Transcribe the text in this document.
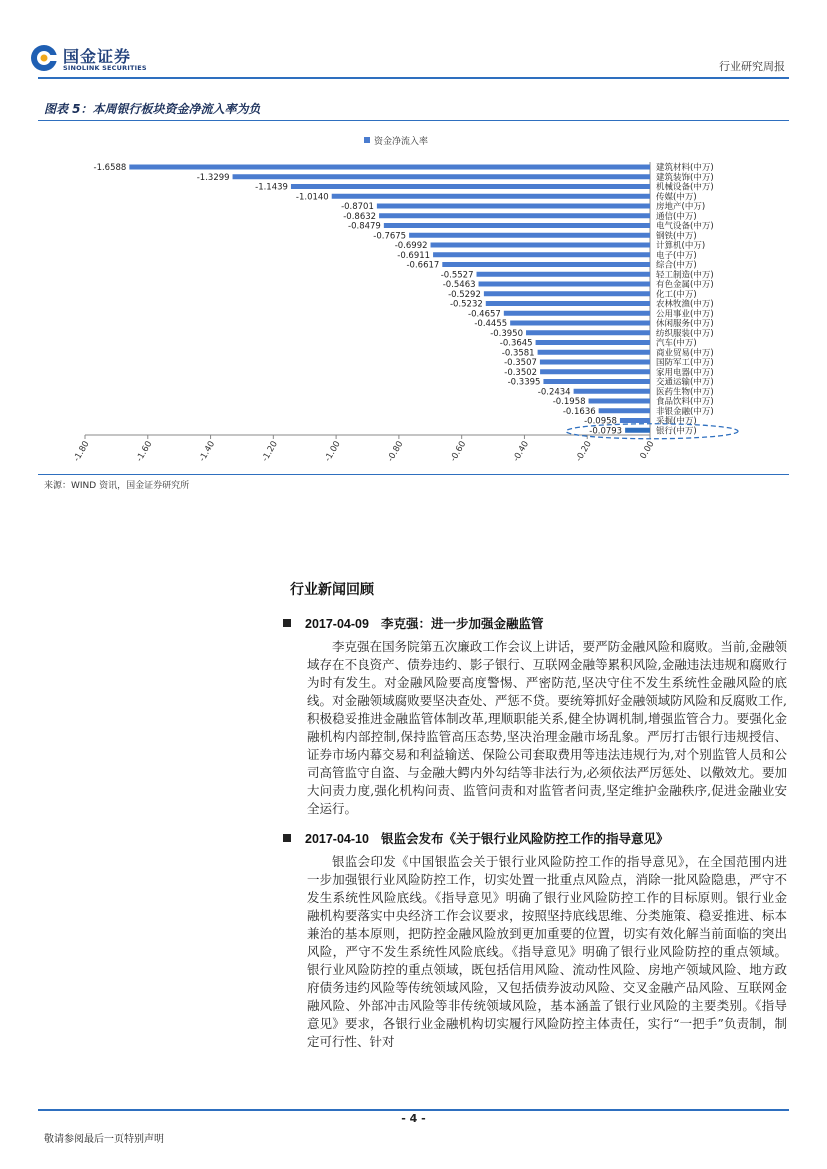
国金证券
SINOLINK SECURITIES	行业研究周报
图表 5：本周银行板块资金净流入率为负
资金净流入率
-1.80	-1.60	-1.40	-1.20	-1.00	-0.80	-0.60	-0.40	-0.20	0.00
-1.6588	建筑材料(中万)
-1.3299	建筑装饰(中万)
-1.1439	机械设备(中万)
-1.0140	传媒(中万)
-0.8701	房地产(中万)
-0.8632	通信(中万)
-0.8479	电气设备(中万)
-0.7675	钢铁(中万)
-0.6992	计算机(中万)
-0.6911	电子(中万)
-0.6617	综合(中万)
-0.5527	轻工制造(中万)
-0.5463	有色金属(中万)
-0.5292	化工(中万)
-0.5232	农林牧渔(中万)
-0.4657	公用事业(中万)
-0.4455	休闲服务(中万)
-0.3950	纺织服装(中万)
-0.3645	汽车(中万)
-0.3581	商业贸易(中万)
-0.3507	国防军工(中万)
-0.3502	家用电器(中万)
-0.3395	交通运输(中万)
-0.2434	医药生物(中万)
-0.1958	食品饮料(中万)
-0.1636	非银金融(中万)
-0.0958	采掘(中万)
-0.0793	银行(中万)
来源：WIND 资讯，国金证券研究所
行业新闻回顾
2017-04-09 李克强：进一步加强金融监管
李克强在国务院第五次廉政工作会议上讲话，要严防金融风险和腐败。当前,金融领域存在不良资产、债券违约、影子银行、互联网金融等累积风险,金融违法违规和腐败行为时有发生。对金融风险要高度警惕、严密防范,坚决守住不发生系统性金融风险的底线。对金融领域腐败要坚决查处、严惩不贷。要统筹抓好金融领域防风险和反腐败工作,积极稳妥推进金融监管体制改革,理顺职能关系,健全协调机制,增强监管合力。要强化金融机构内部控制,保持监管高压态势,坚决治理金融市场乱象。严厉打击银行违规授信、证券市场内幕交易和利益输送、保险公司套取费用等违法违规行为,对个别监管人员和公司高管监守自盗、与金融大鳄内外勾结等非法行为,必须依法严厉惩处、以儆效尤。要加大问责力度,强化机构问责、监管问责和对监管者问责,坚定维护金融秩序,促进金融业安全运行。
2017-04-10 银监会发布《关于银行业风险防控工作的指导意见》
银监会印发《中国银监会关于银行业风险防控工作的指导意见》，在全国范围内进一步加强银行业风险防控工作，切实处置一批重点风险点，消除一批风险隐患，严守不发生系统性风险底线。《指导意见》明确了银行业风险防控工作的目标原则。银行业金融机构要落实中央经济工作会议要求，按照坚持底线思维、分类施策、稳妥推进、标本兼治的基本原则，把防控金融风险放到更加重要的位置，切实有效化解当前面临的突出风险，严守不发生系统性风险底线。《指导意见》明确了银行业风险防控的重点领域。银行业风险防控的重点领域，既包括信用风险、流动性风险、房地产领域风险、地方政府债务违约风险等传统领域风险，又包括债券波动风险、交叉金融产品风险、互联网金融风险、外部冲击风险等非传统领域风险，基本涵盖了银行业风险的主要类别。《指导意见》要求，各银行业金融机构切实履行风险防控主体责任，实行“一把手”负责制，制定可行性、针对
- 4 -
敬请参阅最后一页特别声明
